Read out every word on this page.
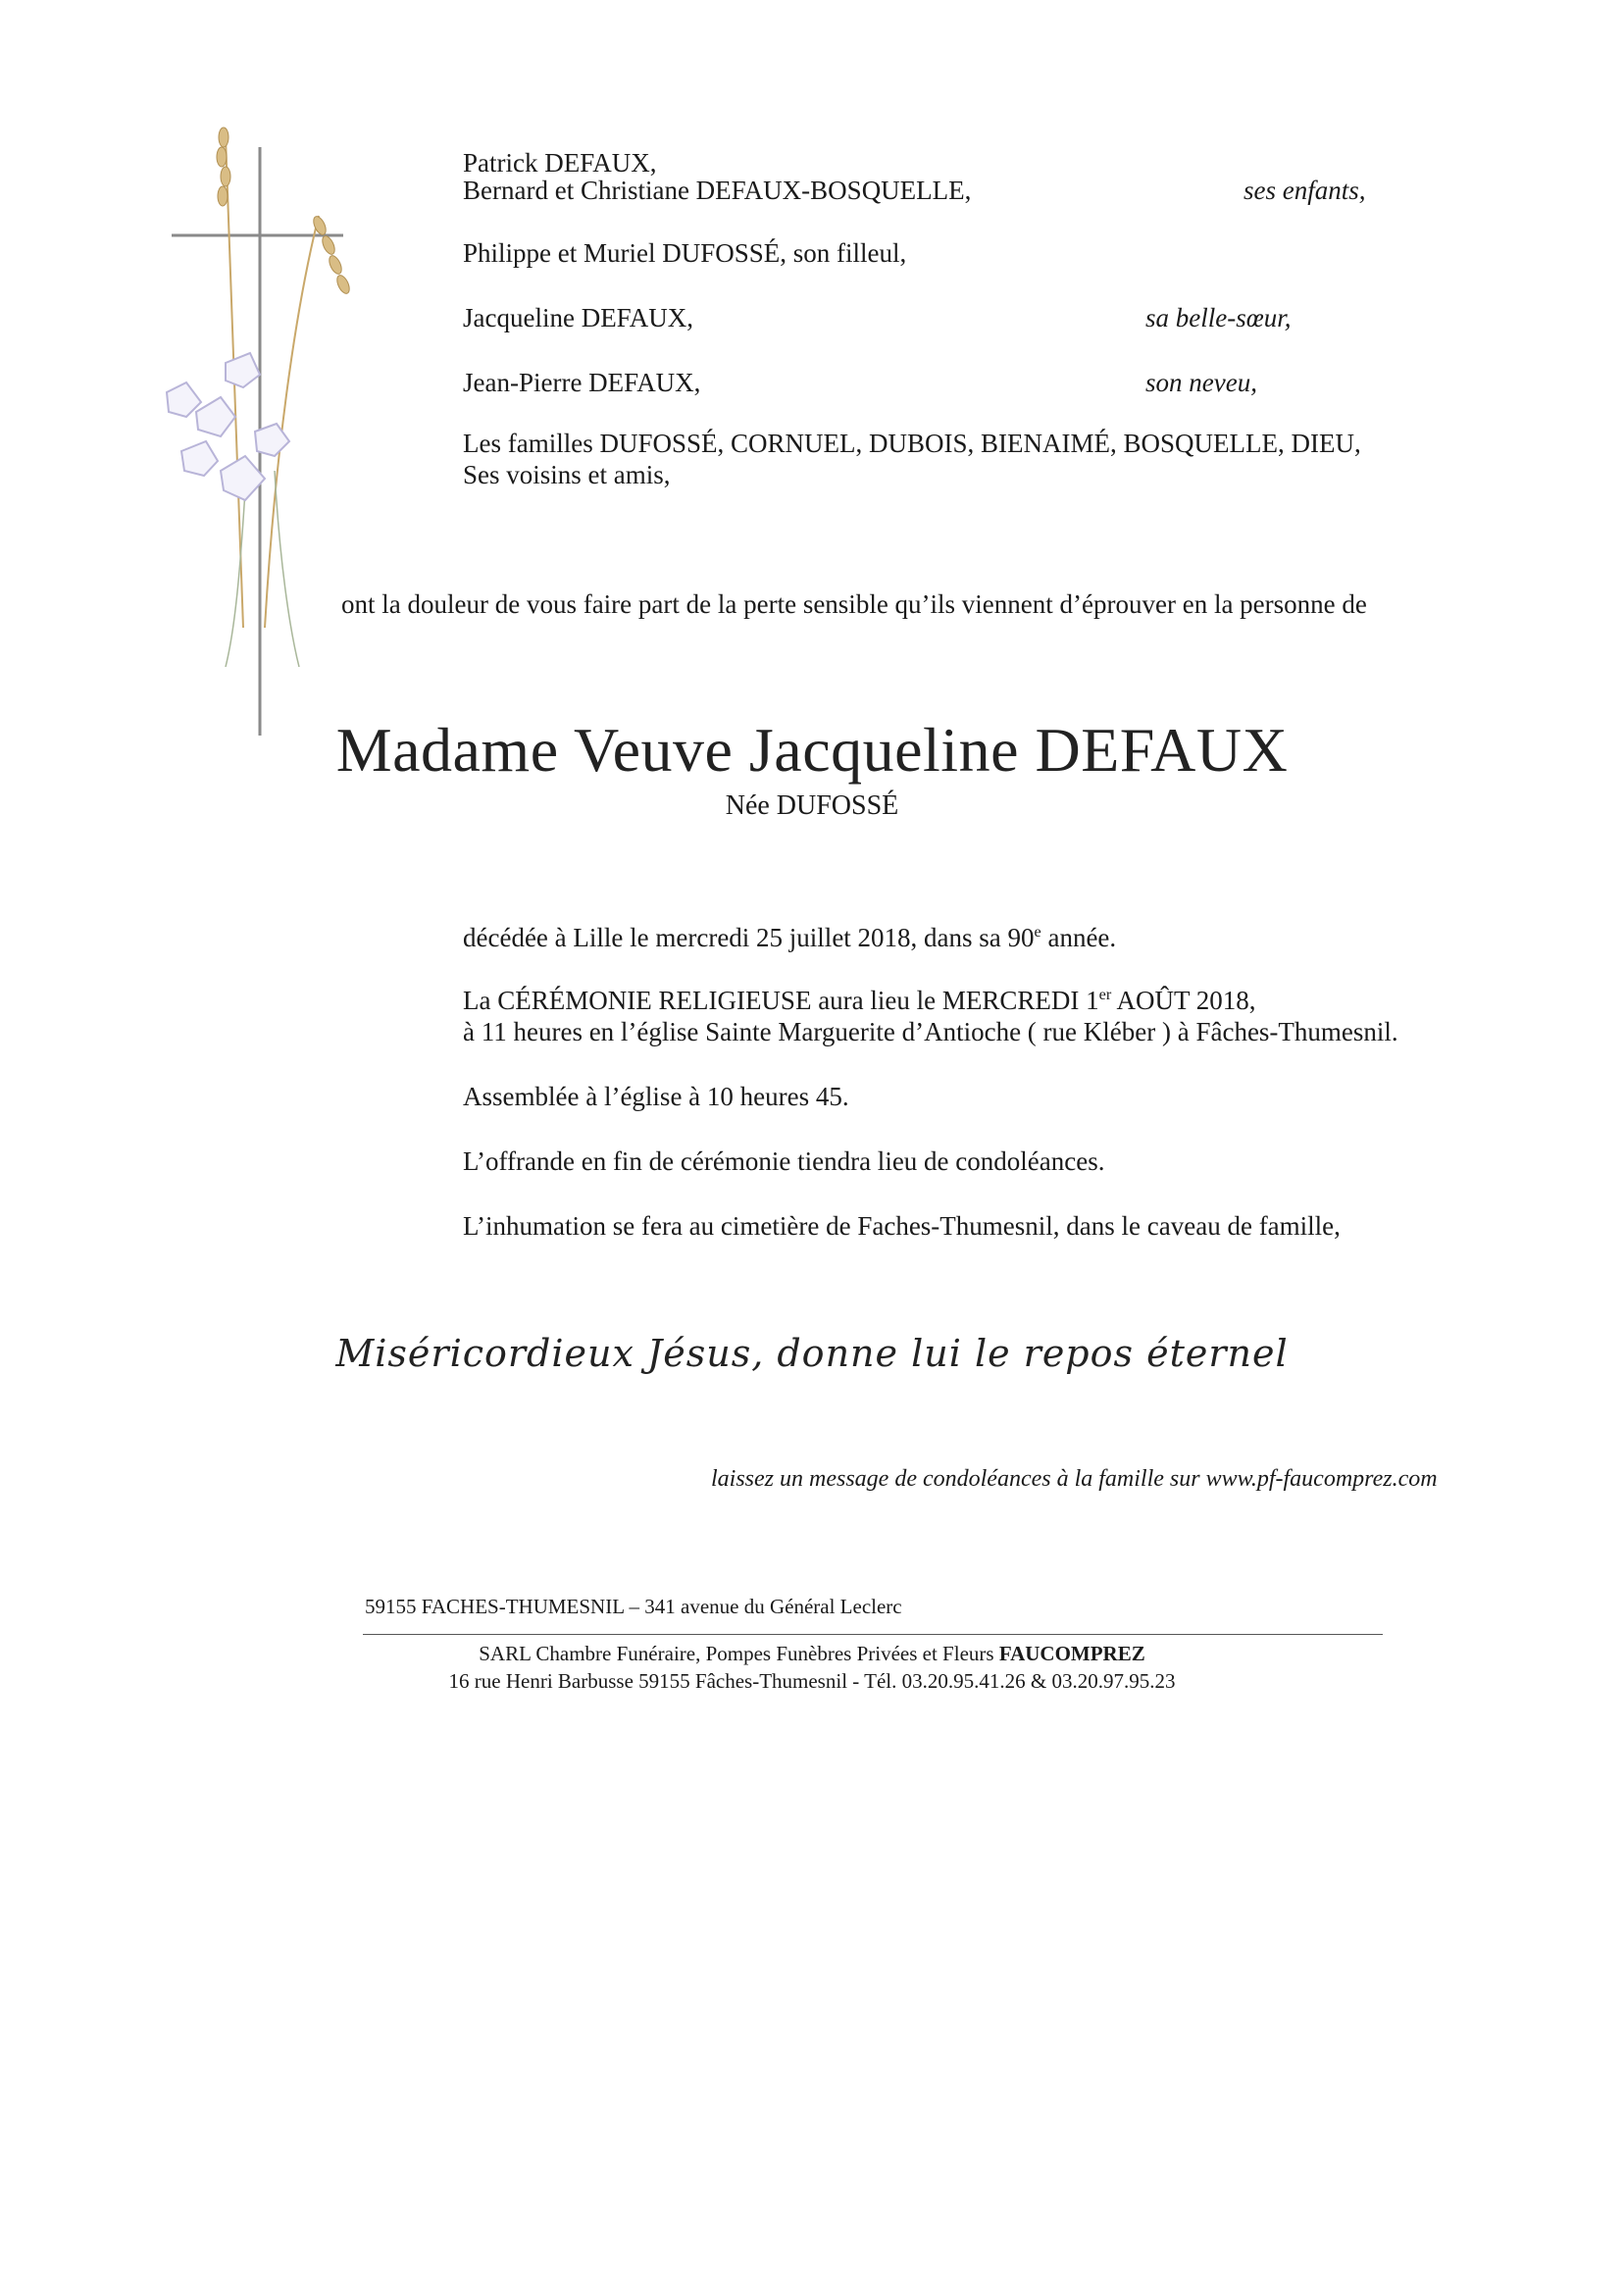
Patrick DEFAUX,
Bernard et Christiane DEFAUX-BOSQUELLE,	ses enfants,
Philippe et Muriel DUFOSSÉ, son filleul,
Jacqueline DEFAUX,	sa belle-sœur,
Jean-Pierre DEFAUX,	son neveu,
Les familles DUFOSSÉ, CORNUEL, DUBOIS, BIENAIMÉ, BOSQUELLE, DIEU,
Ses voisins et amis,
ont la douleur de vous faire part de la perte sensible qu’ils viennent d’éprouver en la personne de
Madame Veuve Jacqueline DEFAUX
Née DUFOSSÉ
décédée à Lille le mercredi 25 juillet 2018, dans sa 90e année.
La CÉRÉMONIE RELIGIEUSE aura lieu le MERCREDI 1er AOÛT 2018,
à 11 heures en l’église Sainte Marguerite d’Antioche ( rue Kléber ) à Fâches-Thumesnil.
Assemblée à l’église à 10 heures 45.
L’offrande en fin de cérémonie tiendra lieu de condoléances.
L’inhumation se fera au cimetière de Faches-Thumesnil, dans le caveau de famille,
Miséricordieux Jésus, donne lui le repos éternel
laissez un message de condoléances à la famille sur www.pf-faucomprez.com
59155 FACHES-THUMESNIL – 341 avenue du Général Leclerc
SARL Chambre Funéraire, Pompes Funèbres Privées et Fleurs FAUCOMPREZ
16 rue Henri Barbusse 59155 Fâches-Thumesnil - Tél. 03.20.95.41.26 & 03.20.97.95.23
